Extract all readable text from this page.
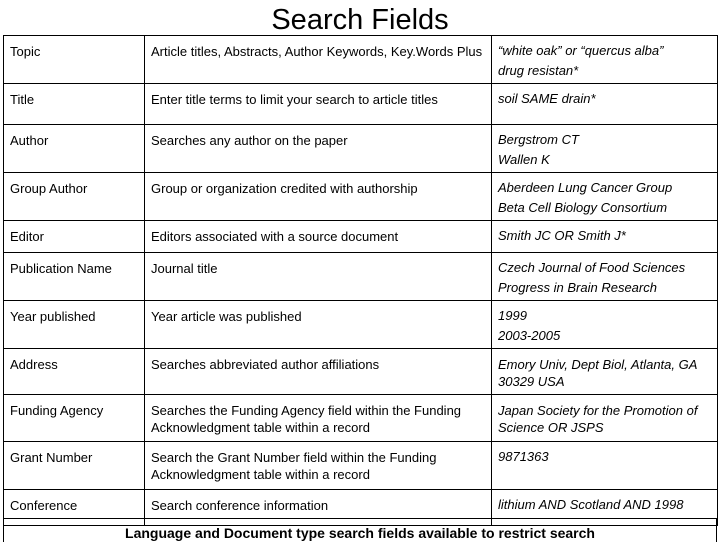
Search Fields
Topic	Article titles, Abstracts, Author Keywords, Key.Words Plus	“white oak” or “quercus alba”
drug resistan*

Title	Enter title terms to limit your search to article titles	soil SAME drain*

Author	Searches any author on the paper	Bergstrom CT
Wallen K

Group Author	Group or organization credited with authorship	Aberdeen Lung Cancer Group
Beta Cell Biology Consortium

Editor	Editors associated with a source document	Smith JC OR Smith J*

Publication Name	Journal title	Czech Journal of Food Sciences
Progress in Brain Research

Year published	Year article was published	1999
2003-2005

Address	Searches abbreviated author affiliations	Emory Univ, Dept Biol, Atlanta, GA 30329 USA

Funding Agency	Searches the Funding Agency field within the Funding Acknowledgment table within a record	Japan Society for the Promotion of Science OR JSPS

Grant Number	Search the Grant Number field within the Funding Acknowledgment table within a record	9871363

Conference	Search conference information	lithium AND Scotland AND 1998
Language and Document type search fields available to restrict search
